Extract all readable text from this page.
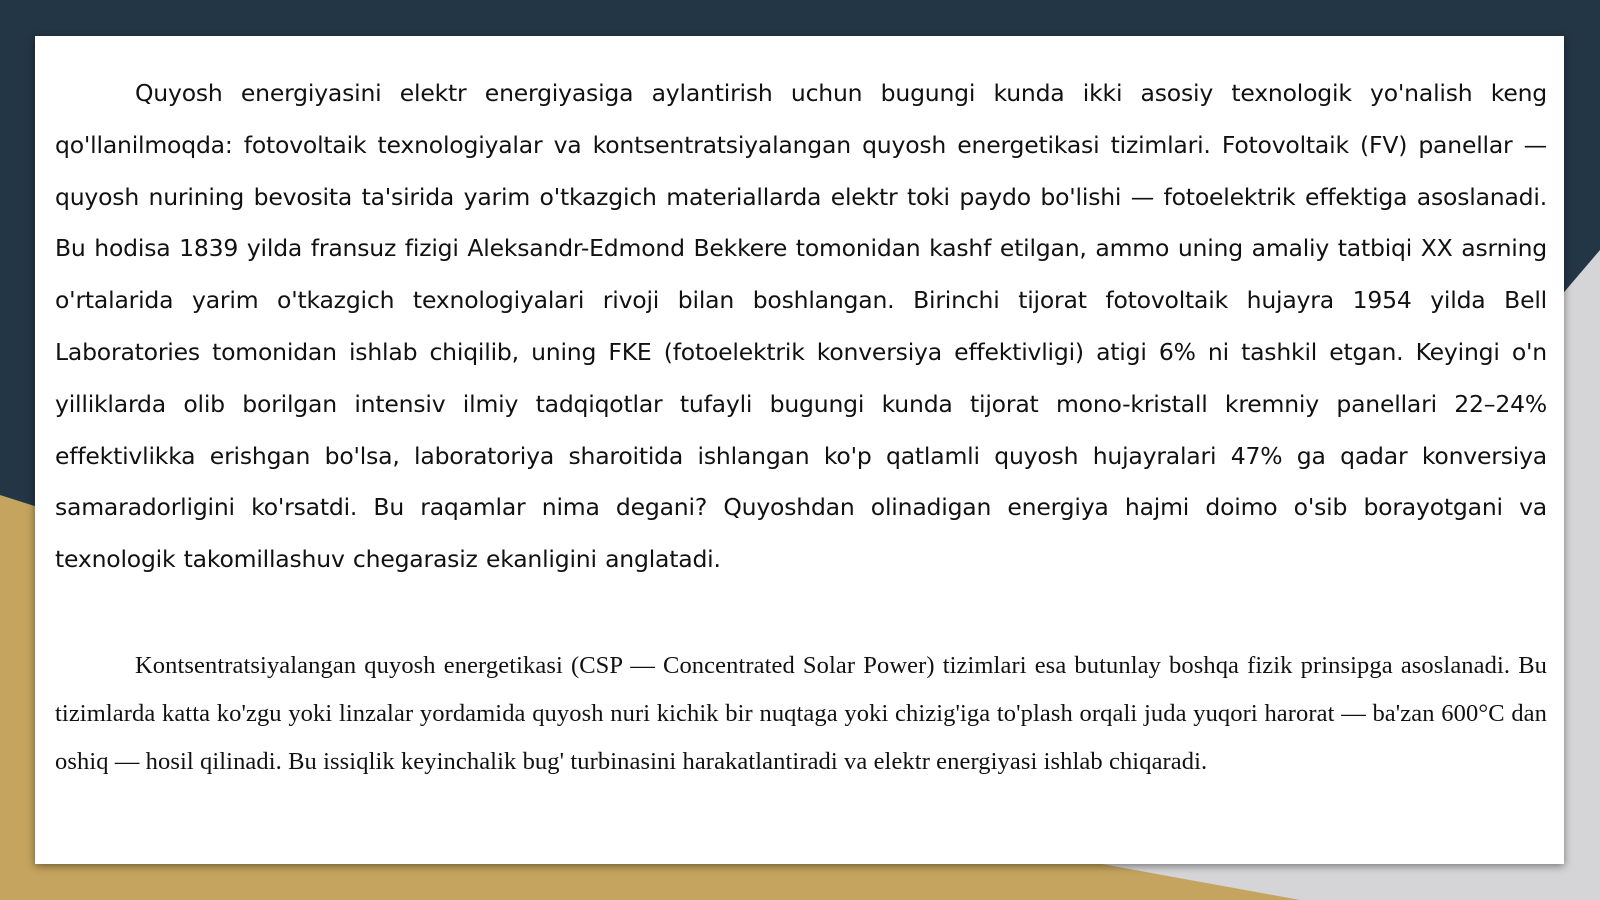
Quyosh energiyasini elektr energiyasiga aylantirish uchun bugungi kunda ikki asosiy texnologik yo'nalish keng qo'llanilmoqda: fotovoltaik texnologiyalar va kontsentratsiyalangan quyosh energetikasi tizimlari. Fotovoltaik (FV) panellar — quyosh nurining bevosita ta'sirida yarim o'tkazgich materiallarda elektr toki paydo bo'lishi — fotoelektrik effektiga asoslanadi. Bu hodisa 1839 yilda fransuz fizigi Aleksandr-Edmond Bekkere tomonidan kashf etilgan, ammo uning amaliy tatbiqi XX asrning o'rtalarida yarim o'tkazgich texnologiyalari rivoji bilan boshlangan. Birinchi tijorat fotovoltaik hujayra 1954 yilda Bell Laboratories tomonidan ishlab chiqilib, uning FKE (fotoelektrik konversiya effektivligi) atigi 6% ni tashkil etgan. Keyingi o'n yilliklarda olib borilgan intensiv ilmiy tadqiqotlar tufayli bugungi kunda tijorat mono-kristall kremniy panellari 22–24% effektivlikka erishgan bo'lsa, laboratoriya sharoitida ishlangan ko'p qatlamli quyosh hujayralari 47% ga qadar konversiya samaradorligini ko'rsatdi. Bu raqamlar nima degani? Quyoshdan olinadigan energiya hajmi doimo o'sib borayotgani va texnologik takomillashuv chegarasiz ekanligini anglatadi.

Kontsentratsiyalangan quyosh energetikasi (CSP — Concentrated Solar Power) tizimlari esa butunlay boshqa fizik prinsipga asoslanadi. Bu tizimlarda katta ko'zgu yoki linzalar yordamida quyosh nuri kichik bir nuqtaga yoki chizig'iga to'plash orqali juda yuqori harorat — ba'zan 600°C dan oshiq — hosil qilinadi. Bu issiqlik keyinchalik bug' turbinasini harakatlantiradi va elektr energiyasi ishlab chiqaradi.
